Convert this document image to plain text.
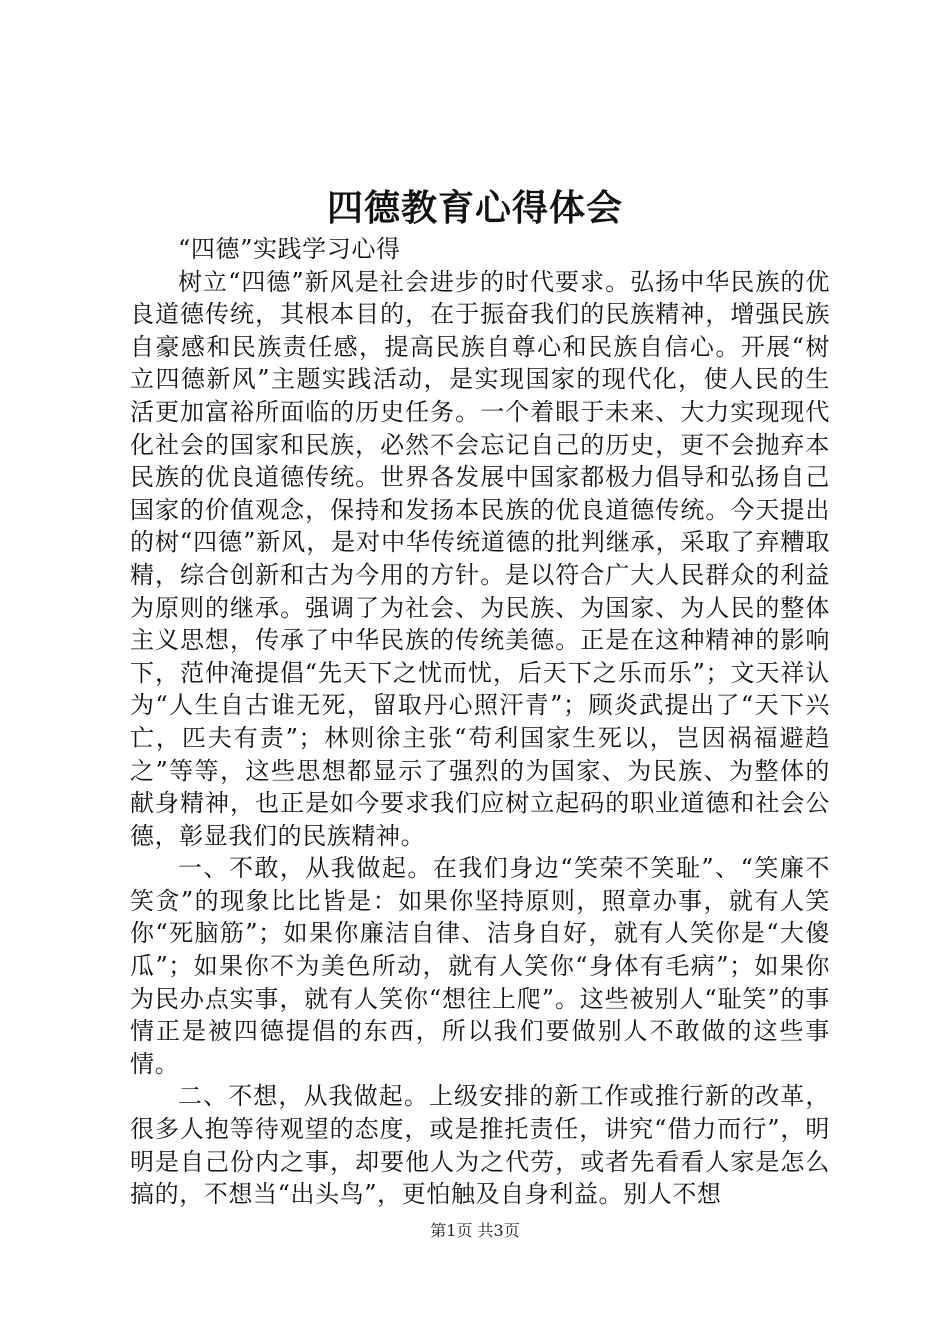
四德教育心得体会

“四德”实践学习心得

树立“四德”新风是社会进步的时代要求。弘扬中华民族的优良道德传统，其根本目的，在于振奋我们的民族精神，增强民族自豪感和民族责任感，提高民族自尊心和民族自信心。开展“树立四德新风”主题实践活动，是实现国家的现代化，使人民的生活更加富裕所面临的历史任务。一个着眼于未来、大力实现现代化社会的国家和民族，必然不会忘记自己的历史，更不会抛弃本民族的优良道德传统。世界各发展中国家都极力倡导和弘扬自己国家的价值观念，保持和发扬本民族的优良道德传统。今天提出的树“四德”新风，是对中华传统道德的批判继承，采取了弃糟取精，综合创新和古为今用的方针。是以符合广大人民群众的利益为原则的继承。强调了为社会、为民族、为国家、为人民的整体主义思想，传承了中华民族的传统美德。正是在这种精神的影响下，范仲淹提倡“先天下之忧而忧，后天下之乐而乐”；文天祥认为“人生自古谁无死，留取丹心照汗青”；顾炎武提出了“天下兴亡，匹夫有责”；林则徐主张“苟利国家生死以，岂因祸福避趋之”等等，这些思想都显示了强烈的为国家、为民族、为整体的献身精神，也正是如今要求我们应树立起码的职业道德和社会公德，彰显我们的民族精神。

一、不敢，从我做起。在我们身边“笑荣不笑耻”、“笑廉不笑贪”的现象比比皆是：如果你坚持原则，照章办事，就有人笑你“死脑筋”；如果你廉洁自律、洁身自好，就有人笑你是“大傻瓜”；如果你不为美色所动，就有人笑你“身体有毛病”；如果你为民办点实事，就有人笑你“想往上爬”。这些被别人“耻笑”的事情正是被四德提倡的东西，所以我们要做别人不敢做的这些事情。

二、不想，从我做起。上级安排的新工作或推行新的改革，很多人抱等待观望的态度，或是推托责任，讲究“借力而行”，明明是自己份内之事，却要他人为之代劳，或者先看看人家是怎么搞的，不想当“出头鸟”，更怕触及自身利益。别人不想

第1页 共3页
